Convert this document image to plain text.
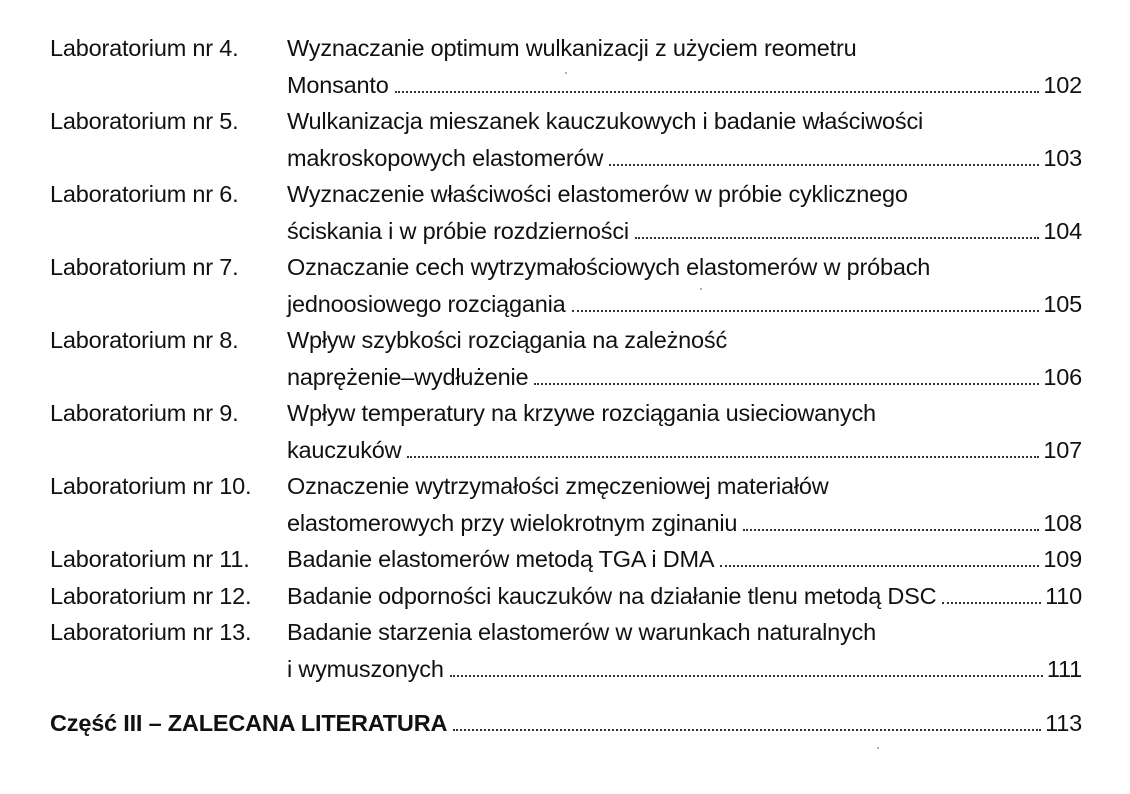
Laboratorium nr 4.	Wyznaczanie optimum wulkanizacji z użyciem reometru
Monsanto	102
Laboratorium nr 5.	Wulkanizacja mieszanek kauczukowych i badanie właściwości
makroskopowych elastomerów	103
Laboratorium nr 6.	Wyznaczenie właściwości elastomerów w próbie cyklicznego
ściskania i w próbie rozdzierności	104
Laboratorium nr 7.	Oznaczanie cech wytrzymałościowych elastomerów w próbach
jednoosiowego rozciągania	105
Laboratorium nr 8.	Wpływ szybkości rozciągania na zależność
naprężenie–wydłużenie	106
Laboratorium nr 9.	Wpływ temperatury na krzywe rozciągania usieciowanych
kauczuków	107
Laboratorium nr 10.	Oznaczenie wytrzymałości zmęczeniowej materiałów
elastomerowych przy wielokrotnym zginaniu	108
Laboratorium nr 11.	Badanie elastomerów metodą TGA i DMA	109
Laboratorium nr 12.	Badanie odporności kauczuków na działanie tlenu metodą DSC	110
Laboratorium nr 13.	Badanie starzenia elastomerów w warunkach naturalnych
i wymuszonych	111
Część III – ZALECANA LITERATURA	113
